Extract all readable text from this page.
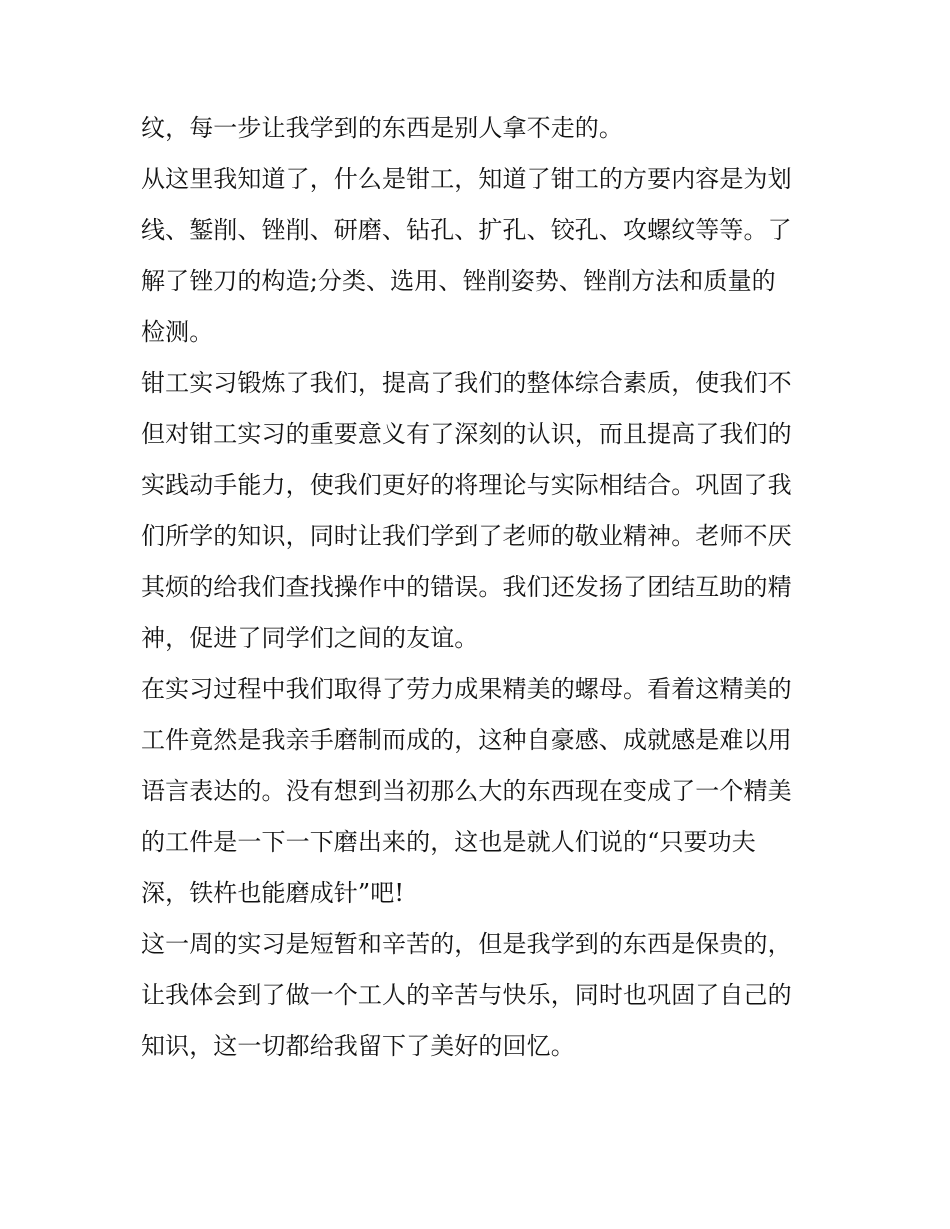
纹，每一步让我学到的东西是别人拿不走的。
从这里我知道了，什么是钳工，知道了钳工的方要内容是为划
线、錾削、锉削、研磨、钻孔、扩孔、铰孔、攻螺纹等等。了
解了锉刀的构造;分类、选用、锉削姿势、锉削方法和质量的
检测。
钳工实习锻炼了我们，提高了我们的整体综合素质，使我们不
但对钳工实习的重要意义有了深刻的认识，而且提高了我们的
实践动手能力，使我们更好的将理论与实际相结合。巩固了我
们所学的知识，同时让我们学到了老师的敬业精神。老师不厌
其烦的给我们查找操作中的错误。我们还发扬了团结互助的精
神，促进了同学们之间的友谊。
在实习过程中我们取得了劳力成果精美的螺母。看着这精美的
工件竟然是我亲手磨制而成的，这种自豪感、成就感是难以用
语言表达的。没有想到当初那么大的东西现在变成了一个精美
的工件是一下一下磨出来的，这也是就人们说的“只要功夫
深，铁杵也能磨成针”吧!
这一周的实习是短暂和辛苦的，但是我学到的东西是保贵的，
让我体会到了做一个工人的辛苦与快乐，同时也巩固了自己的
知识，这一切都给我留下了美好的回忆。
